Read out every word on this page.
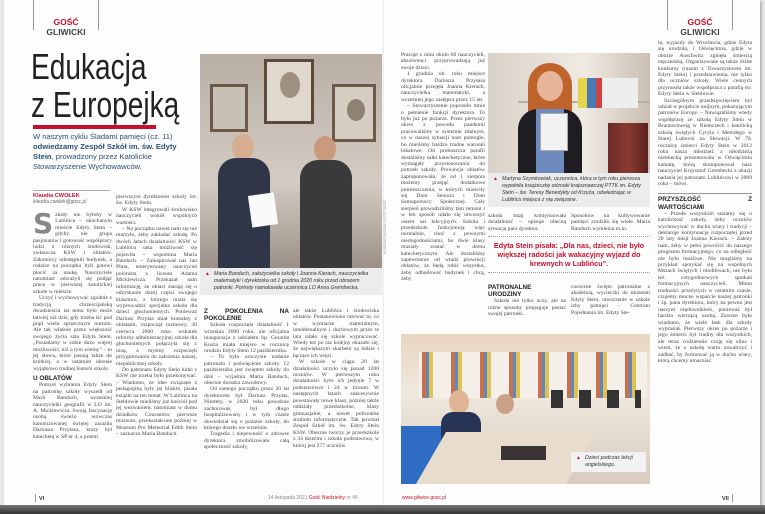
GOŚĆ GLIWICKI
GOŚĆ GLIWICKI
Edukacja
z Europejką
W naszym cyklu Śladami pamięci (cz. 11) odwiedzamy Zespół Szkół im. św. Edyty Stein, prowadzony przez Katolickie Stowarzyszenie Wychowawców.
Klaudia CWOŁEK
klaudia.cwolek@gosc.pl

Szkoły nie byłoby w Lublińcu – ukochanym mieście Edyty Stein – gdyby nie grupa pasjonatów i gotowość współpracy ludzi z różnych środowisk, zwłaszcza KSW i oblatów. Zakonnicy udostępnili budynek, a rodzice na początku byli gotowi płacić za naukę. Nauczyciele natomiast odważyli się podjąć pracę w pierwszej katolickiej szkole w mieście.

Uczyć i wychowywać zgodnie z tradycją chrześcijańską dwadzieścia lat temu było może łatwiej niż dziś, gdy trzeba iść pod prąd wielu sprzecznym nurtom. Ale tak właśnie przez większość swojego życia szła Edyta Stein. „Posiadamy w sobie dużo więcej możliwości, niż o tym wiemy” – to jej słowa, które pasują także do krótkiej, a w ostatnim okresie wyjątkowo trudnej historii szkoły.

U OBLATÓW

Pomysł wybrania Edyty Stein na patronkę szkoły wyszedł od Marii Banduch, wcześniej nauczycielki geografii w LO im. A. Mickiewicza. Swoją fascynację osobą świeżo wówczas kanonizowanej świętej zaraziła Dariusza Przyłasa, który był katechetą w SP nr 4, a potem

pierwszym dyrektorem szkoły im. św. Edyty Stein.

W KSW integrowali środowisko nauczycieli wokół wspólnych wartości.

– Na początku nawet nam się nie marzyło, żeby zakładać szkołę. Po dwóch latach działalności KSW w Lublińcu taka możliwość się pojawiła – wspomina Maria Banduch. – Zainspirował nas Jan Pluta, emerytowany nauczyciel polonista z liceum Adama Mickiewicza. Przekazał nam informację, że oblaci starają się o odzyskanie dużej części swojego klasztoru, z którego miała się wyprowadzić specjalna szkoła dla dzieci głuchoniemych. Ponieważ Dariusz Przyłas miał kontakty z oblatami, rozpoczął rozmowy. 30 czerwca 2000 roku wskutek reformy administracyjnej szkoła dla głuchoniemych połączyła się z inną, a myśmy rozpoczęli przygotowania do założenia naszej, niepublicznej szkoły.

Do patronatu Edyty Stein ludzi z KSW nie trzeba było przekonywać. – Wiadomo, że idee związane z pedagogiką były jej bliskie, pisała książki na ten temat. W Lublińcu na Steblowie mieliśmy już kościół pod jej wezwaniem, natomiast w domu dziadków Courantów pierwsze muzeum, przekształcone później w Muzeum Pro Memoriał Edith Stein – zaznacza Maria Banduch.

KLAUDIA CWOŁEK /FOTO GOŚĆ
▲ Maria Banduch, założycielka szkoły i Joanna Kierach, nauczycielka matematyki i dyrektorka od 1 grudnia 2020 roku przed obrazem patronki. Portrety namalowała uczennica LO Anna Grembecka.
Z POKOLENIA NA POKOLENIE

Szkoła rozpoczęła działalność 1 września 2000 roku, ale oficjalna inauguracja z udziałem bp. Gerarda Kusza miała miejsce w rocznicę urodzin Edyty Stein 12 października.

– To było uroczyste nadanie patronatu i poświęcenie szkoły. 12 października jest świętem szkoły do dziś – wyjaśnia Maria Banduch, obecnie doradca zawodowy.

Od samego początku przez 20 lat dyrektorem był Dariusz Przyłas. Niestety, w 2020 roku poważnie zachorował, był długo hospitalizowany i w tym czasie dowiedział się o pożarze szkoły, do którego doszło we wrześniu.

Tragedia i niepewność o zdrowie dyrektora zmobilizowała całą społeczność szkoły,

ale także Lublińca i środowiska oblatów. Postanowiono ratować to, co w wymiarze materialnym, intelektualnym i duchowym przez te lata udało się szkole wypracować. Wtedy też po raz kolejny okazało się, że największym skarbem są ludzie i łączące ich więzi.

W szkole w ciągu 20 lat działalności uczyło się ponad 1200 uczniów. W pierwszym roku działalności było ich jedynie 7 w podstawówce i 24 w liceum. W następnych latach sukcesywnie powstawały nowe klasy, później także oddziały przedszkolne, klasy gimnazjalne, a nawet policealne studium informatyczne. Tak powstał Zespół Szkół im. św. Edyty Stein KSW. Obecnie tworzy je przedszkole z 34 dziećmi i szkoła podstawowa, w której jest 277 uczniów.

VI	14 listopada 2021 Gość Niedzielny nr 45

Pracuje z nimi około 60 nauczycieli, absolwenci przyprowadzają już swoje dzieci.

1 grudnia ub. roku miejsce dyrektora Dariusza Przyłasa oficjalnie przejęła Joanna Kierach, nauczycielka matematyki, a wcześniej jego zastępca przez 15 lat.

– Stowarzyszenie poprosiło mnie o pełnienie funkcji dyrektora. To było już po pożarze. Przez pierwszy okres z powodu pandemii pracowaliśmy w systemie zdalnym, co w naszej sytuacji nam pomogło, bo mieliśmy bardzo trudne warunki lokalowe. Od proboszcza parafii dostaliśmy salki katechetyczne, które wymagały przystosowania do potrzeb szkoły. Prowincja oblatów zaproponowała, że od 1 sierpnia możemy przejąć dodatkowe pomieszczenia, w których mieściły się Dom Seniora i Dom Samopomocy Społecznej. Cały sierpień prowadziliśmy tam remont i w ten sposób udało się utworzyć osiem sal lekcyjnych. Szkoła i przedszkole funkcjonują więc normalnie, choć z pewnymi niedogodnościami, bo dwie klasy musiały zostać w domu katechetycznym. Ale dostaliśmy zapewnienie od władz prowincji oblatów, że będą robić wszystko, żeby odbudować budynek i chcą, żeby

▲ Martyna Szymkowiak, uczennica, która w tym roku pierwsza wypełniła książeczkę odznaki krajoznawczej PTTK im. Edyty Stein – św. Teresy Benedykty od Krzyża, odwiedzając w Lublińcu miejsca z nią związane.
szkoła tutaj kontynuowała działalność – opisuje obecną sytuację pani dyrektor.
Sposobów na kultywowanie pamięci zrodziło się wiele. Maria Banduch wymienia m.in.
Edyta Stein pisała: „Dla nas, dzieci, nie było większej radości jak wakacyjny wyjazd do krewnych w Lublińcu”.
PATRONALNE URODZINY

Szkoła nie tylko uczy, ale na różne sposoby propaguje postać swojej patronki.

coroczne święto patronalne z akademią, wycieczki do muzeum Edyty Stein, utworzenie w szkole izby pamięci – Centrum Pojednania im. Edyty Ste-
▲ Dzieci podczas lekcji angielskiego.
www.gliwice.gosc.pl

in, wyjazdy do Wrocławia, gdzie Edyta się urodziła, i Oświęcimia, gdzie w obozie Auschwitz zginęła śmiercią męczeńską. Organizowane są także różne konkursy (razem z Towarzystwem im. Edyty Stein) i przedstawienia, nie tylko dla uczniów szkoły. Wiele cennych przynosiła także współpraca z parafią św. Edyty Stein w Steblowie.

Szczególnym przedsięwzięciem był udział w projekcie unijnym, pokazującym patronów Europy. – Nawiązaliśmy wtedy współpracę ze szkołą Edyty Stein w Braunschweig w Niemczech i katolicką szkołą świętych Cyryla i Metodego w Starej Lubovni na Słowacji. W 70. rocznicę śmierci Edyty Stein w 2012 roku nasza młodzież z młodzieżą niemiecką prezentowała w Oświęcimiu kantatę, którą skomponował nasz nauczyciel Krzysztof Grembecki z okazji nadania jej patronatu Lublińcowi w 2009 roku – mówi.

PRZYSZŁOŚĆ Z WARTOŚCIAMI

– Przede wszystkim staramy się o katolickość szkoły, żeby uczniów wychowywać w duchu wiary i tradycji – deklaruje kontynuację rozpoczętej przed 20 laty misji Joanna Kierach. – Zależy nam, żeby w pełni powrócić do naszego programu formacyjnego, co na odległość nie było możliwe. Nie mogliśmy na przykład spotykać się na wspólnych Mszach świętych i modlitwach, nie było też cotygodniowych spotkań formacyjnych nauczycieli. Mimo trudności przeżytych w ostatnim czasie, czujemy mocne wsparcie naszej patronki i śp. pana dyrektora, który na pewno jest naszym orędownikiem, ponieważ był bardzo wierzącą osobą. Zawsze było wiadomo, że wiele łask dla szkoły wyprasiał. Pierwszy okres po pożarze i jego śmierci był trudny dla wszystkich, ale teraz codziennie czuję się silna i wiem, że o szkołę warto zawalczyć i zadbać, by formować ją w duchu wiary, którą chcemy umacniać.

VII
